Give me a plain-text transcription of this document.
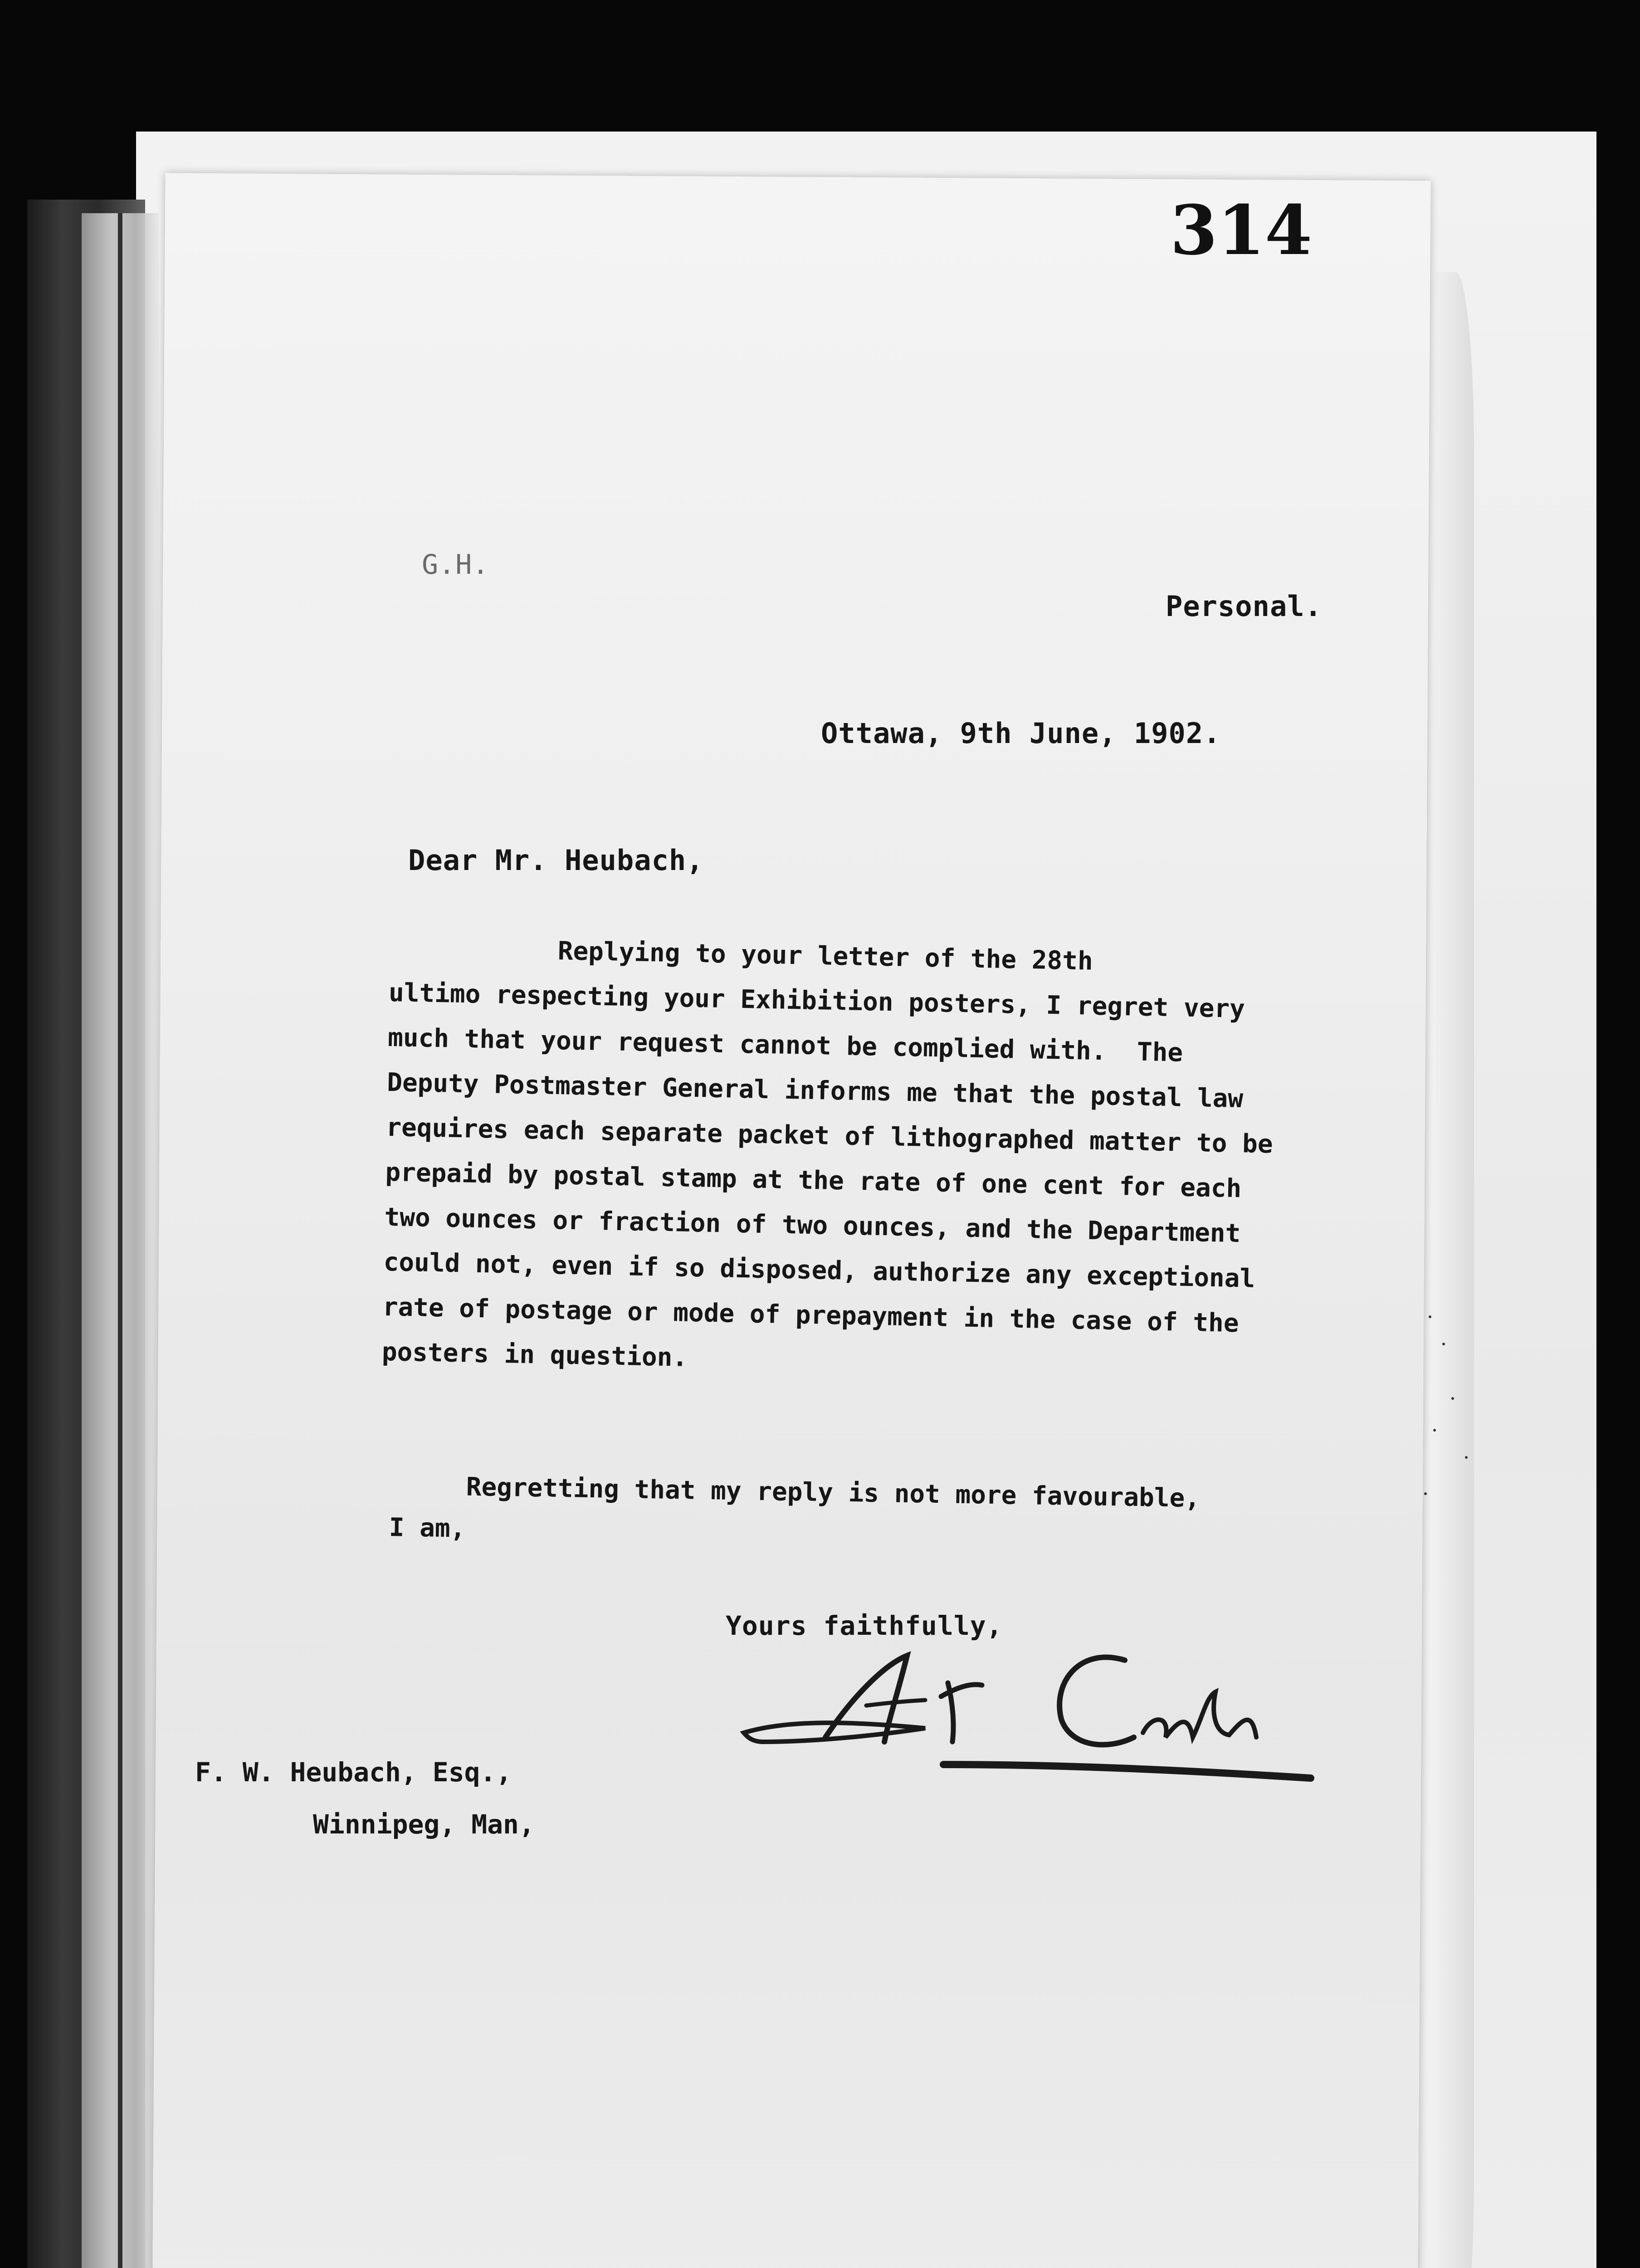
314
G.H.
Personal.
Ottawa, 9th June, 1902.
Dear Mr. Heubach,
Replying to your letter of the 28th
ultimo respecting your Exhibition posters, I regret very
much that your request cannot be complied with.  The
Deputy Postmaster General informs me that the postal law
requires each separate packet of lithographed matter to be
prepaid by postal stamp at the rate of one cent for each
two ounces or fraction of two ounces, and the Department
could not, even if so disposed, authorize any exceptional
rate of postage or mode of prepayment in the case of the
posters in question.
Regretting that my reply is not more favourable,
I am,
Yours faithfully,
F. W. Heubach, Esq.,
Winnipeg, Man,
